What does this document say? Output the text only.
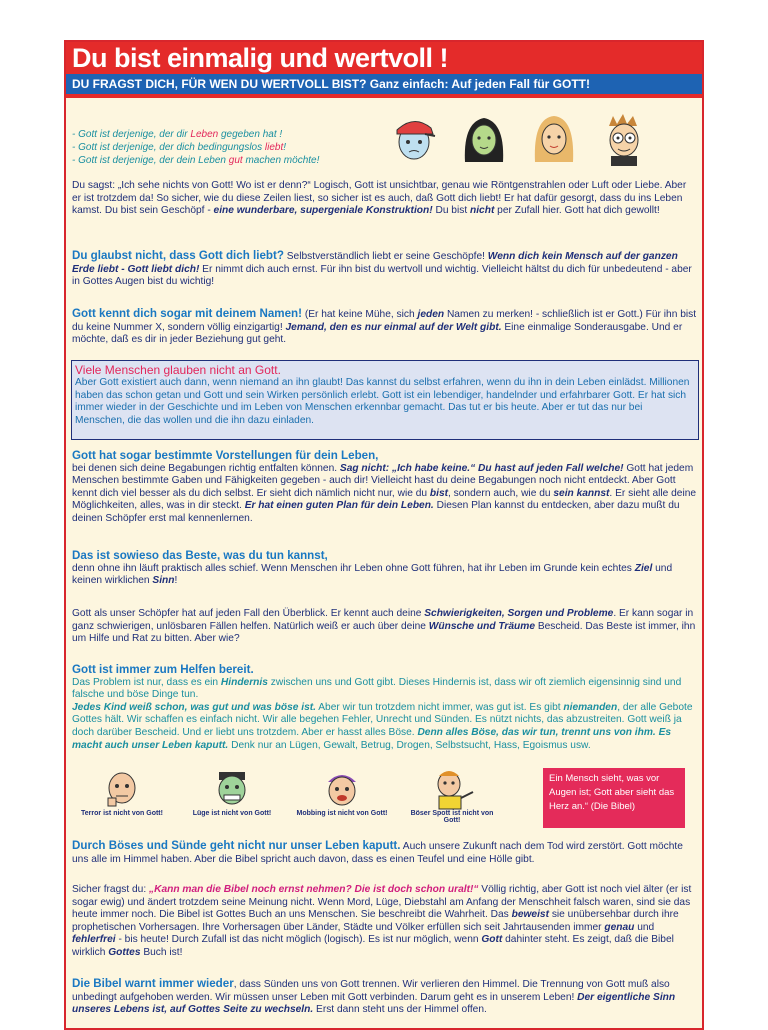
Du bist einmalig und wertvoll !
DU FRAGST DICH, FÜR WEN DU WERTVOLL BIST? Ganz einfach: Auf jeden Fall für GOTT!
- Gott ist derjenige, der dir Leben gegeben hat !
- Gott ist derjenige, der dich bedingungslos liebt!
- Gott ist derjenige, der dein Leben gut machen möchte!
Du sagst: „Ich sehe nichts von Gott! Wo ist er denn?“ Logisch, Gott ist unsichtbar, genau wie Röntgenstrahlen oder Luft oder Liebe. Aber er ist trotzdem da! So sicher, wie du diese Zeilen liest, so sicher ist es auch, daß Gott dich liebt! Er hat dafür gesorgt, dass du ins Leben kamst. Du bist sein Geschöpf - eine wunderbare, supergeniale Konstruktion! Du bist nicht per Zufall hier. Gott hat dich gewollt!
Du glaubst nicht, dass Gott dich liebt? Selbstverständlich liebt er seine Geschöpfe! Wenn dich kein Mensch auf der ganzen Erde liebt - Gott liebt dich! Er nimmt dich auch ernst. Für ihn bist du wertvoll und wichtig. Vielleicht hältst du dich für unbedeutend - aber in Gottes Augen bist du wichtig!
Gott kennt dich sogar mit deinem Namen! (Er hat keine Mühe, sich jeden Namen zu merken! - schließlich ist er Gott.) Für ihn bist du keine Nummer X, sondern völlig einzigartig! Jemand, den es nur einmal auf der Welt gibt. Eine einmalige Sonderausgabe. Und er möchte, daß es dir in jeder Beziehung gut geht.
Viele Menschen glauben nicht an Gott.
Aber Gott existiert auch dann, wenn niemand an ihn glaubt! Das kannst du selbst erfahren, wenn du ihn in dein Leben einlädst. Millionen haben das schon getan und Gott und sein Wirken persönlich erlebt. Gott ist ein lebendiger, handelnder und erfahrbarer Gott. Er hat sich immer wieder in der Geschichte und im Leben von Menschen erkennbar gemacht. Das tut er bis heute. Aber er tut das nur bei Menschen, die das wollen und die ihn dazu einladen.
Gott hat sogar bestimmte Vorstellungen für dein Leben,
bei denen sich deine Begabungen richtig entfalten können. Sag nicht: „Ich habe keine.“ Du hast auf jeden Fall welche! Gott hat jedem Menschen bestimmte Gaben und Fähigkeiten gegeben - auch dir! Vielleicht hast du deine Begabungen noch nicht entdeckt. Aber Gott kennt dich viel besser als du dich selbst. Er sieht dich nämlich nicht nur, wie du bist, sondern auch, wie du sein kannst. Er sieht alle deine Möglichkeiten, alles, was in dir steckt. Er hat einen guten Plan für dein Leben. Diesen Plan kannst du entdecken, aber dazu mußt du deinen Schöpfer erst mal kennenlernen.
Das ist sowieso das Beste, was du tun kannst,
denn ohne ihn läuft praktisch alles schief. Wenn Menschen ihr Leben ohne Gott führen, hat ihr Leben im Grunde kein echtes Ziel und keinen wirklichen Sinn!
Gott als unser Schöpfer hat auf jeden Fall den Überblick. Er kennt auch deine Schwierigkeiten, Sorgen und Probleme. Er kann sogar in ganz schwierigen, unlösbaren Fällen helfen. Natürlich weiß er auch über deine Wünsche und Träume Bescheid. Das Beste ist immer, ihn um Hilfe und Rat zu bitten. Aber wie?
Gott ist immer zum Helfen bereit.
Das Problem ist nur, dass es ein Hindernis zwischen uns und Gott gibt. Dieses Hindernis ist, dass wir oft ziemlich eigensinnig sind und falsche und böse Dinge tun.
Jedes Kind weiß schon, was gut und was böse ist. Aber wir tun trotzdem nicht immer, was gut ist. Es gibt niemanden, der alle Gebote Gottes hält. Wir schaffen es einfach nicht. Wir alle begehen Fehler, Unrecht und Sünden. Es nützt nichts, das abzustreiten. Gott weiß ja doch darüber Bescheid. Und er liebt uns trotzdem. Aber er hasst alles Böse. Denn alles Böse, das wir tun, trennt uns von ihm. Es macht auch unser Leben kaputt. Denk nur an Lügen, Gewalt, Betrug, Drogen, Selbstsucht, Hass, Egoismus usw.
Terror ist nicht von Gott!	Lüge ist nicht von Gott!	Mobbing ist nicht von Gott!	Böser Spott ist nicht von Gott!
Ein Mensch sieht, was vor Augen ist; Gott aber sieht das Herz an.“ (Die Bibel)
Durch Böses und Sünde geht nicht nur unser Leben kaputt. Auch unsere Zukunft nach dem Tod wird zerstört. Gott möchte uns alle im Himmel haben. Aber die Bibel spricht auch davon, dass es einen Teufel und eine Hölle gibt.
Sicher fragst du: „Kann man die Bibel noch ernst nehmen? Die ist doch schon uralt!“ Völlig richtig, aber Gott ist noch viel älter (er ist sogar ewig) und ändert trotzdem seine Meinung nicht. Wenn Mord, Lüge, Diebstahl am Anfang der Menschheit falsch waren, sind sie das heute immer noch. Die Bibel ist Gottes Buch an uns Menschen. Sie beschreibt die Wahrheit. Das beweist sie unübersehbar durch ihre prophetischen Vorhersagen. Ihre Vorhersagen über Länder, Städte und Völker erfüllen sich seit Jahrtausenden immer genau und fehlerfrei - bis heute! Durch Zufall ist das nicht möglich (logisch). Es ist nur möglich, wenn Gott dahinter steht. Es zeigt, daß die Bibel wirklich Gottes Buch ist!
Die Bibel warnt immer wieder, dass Sünden uns von Gott trennen. Wir verlieren den Himmel. Die Trennung von Gott muß also unbedingt aufgehoben werden. Wir müssen unser Leben mit Gott verbinden. Darum geht es in unserem Leben! Der eigentliche Sinn unseres Lebens ist, auf Gottes Seite zu wechseln. Erst dann steht uns der Himmel offen.
